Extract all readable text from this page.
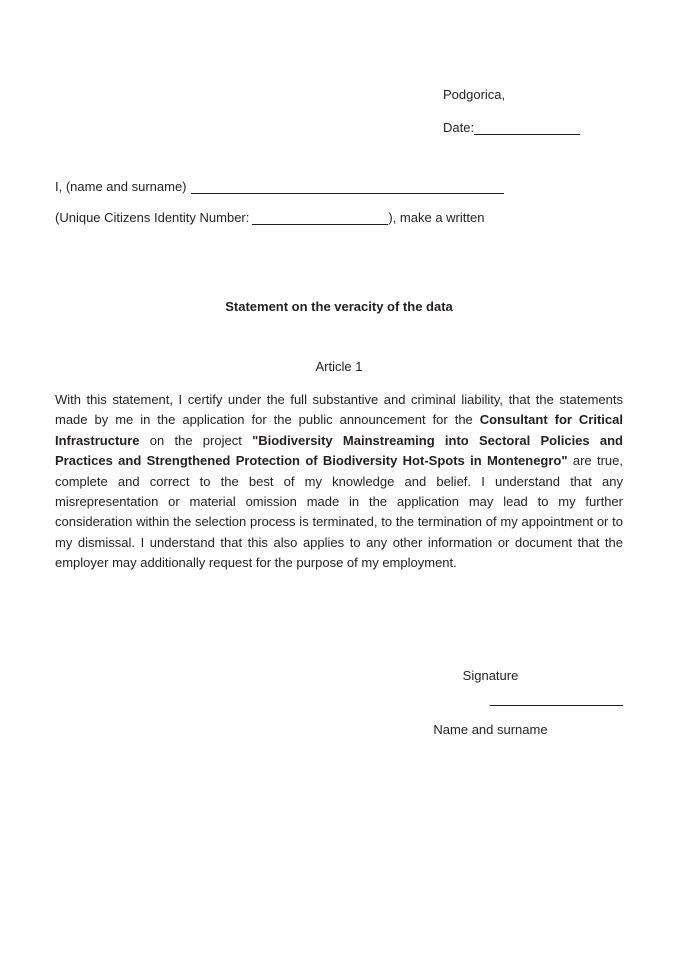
Podgorica,
Date:
I, (name and surname)
(Unique Citizens Identity Number:	), make a written
Statement on the veracity of the data
Article 1
With this statement, I certify under the full substantive and criminal liability, that the statements made by me in the application for the public announcement for the Consultant for Critical Infrastructure on the project "Biodiversity Mainstreaming into Sectoral Policies and Practices and Strengthened Protection of Biodiversity Hot-Spots in Montenegro" are true, complete and correct to the best of my knowledge and belief. I understand that any misrepresentation or material omission made in the application may lead to my further consideration within the selection process is terminated, to the termination of my appointment or to my dismissal. I understand that this also applies to any other information or document that the employer may additionally request for the purpose of my employment.
Signature
Name and surname
